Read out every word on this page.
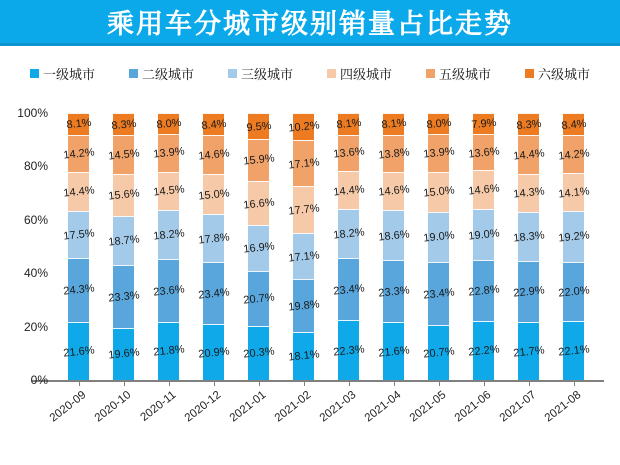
乘用车分城市级别销量占比走势
一级城市	二级城市	三级城市	四级城市	五级城市	六级城市
21.6%
24.3%
17.5%
14.4%
14.2%
8.1%
19.6%
23.3%
18.7%
15.6%
14.5%
8.3%
21.8%
23.6%
18.2%
14.5%
13.9%
8.0%
20.9%
23.4%
17.8%
15.0%
14.6%
8.4%
20.3%
20.7%
16.9%
16.6%
15.9%
9.5%
18.1%
19.8%
17.1%
17.7%
17.1%
10.2%
22.3%
23.4%
18.2%
14.4%
13.6%
8.1%
21.6%
23.3%
18.6%
14.6%
13.8%
8.1%
20.7%
23.4%
19.0%
15.0%
13.9%
8.0%
22.2%
22.8%
19.0%
14.6%
13.6%
7.9%
21.7%
22.9%
18.3%
14.3%
14.4%
8.3%
22.1%
22.0%
19.2%
14.1%
14.2%
8.4%
100%
80%
60%
40%
20%
0%
2020-09 2020-10 2020-11 2020-12 2021-01 2021-02 2021-03 2021-04 2021-05 2021-06 2021-07 2021-08
